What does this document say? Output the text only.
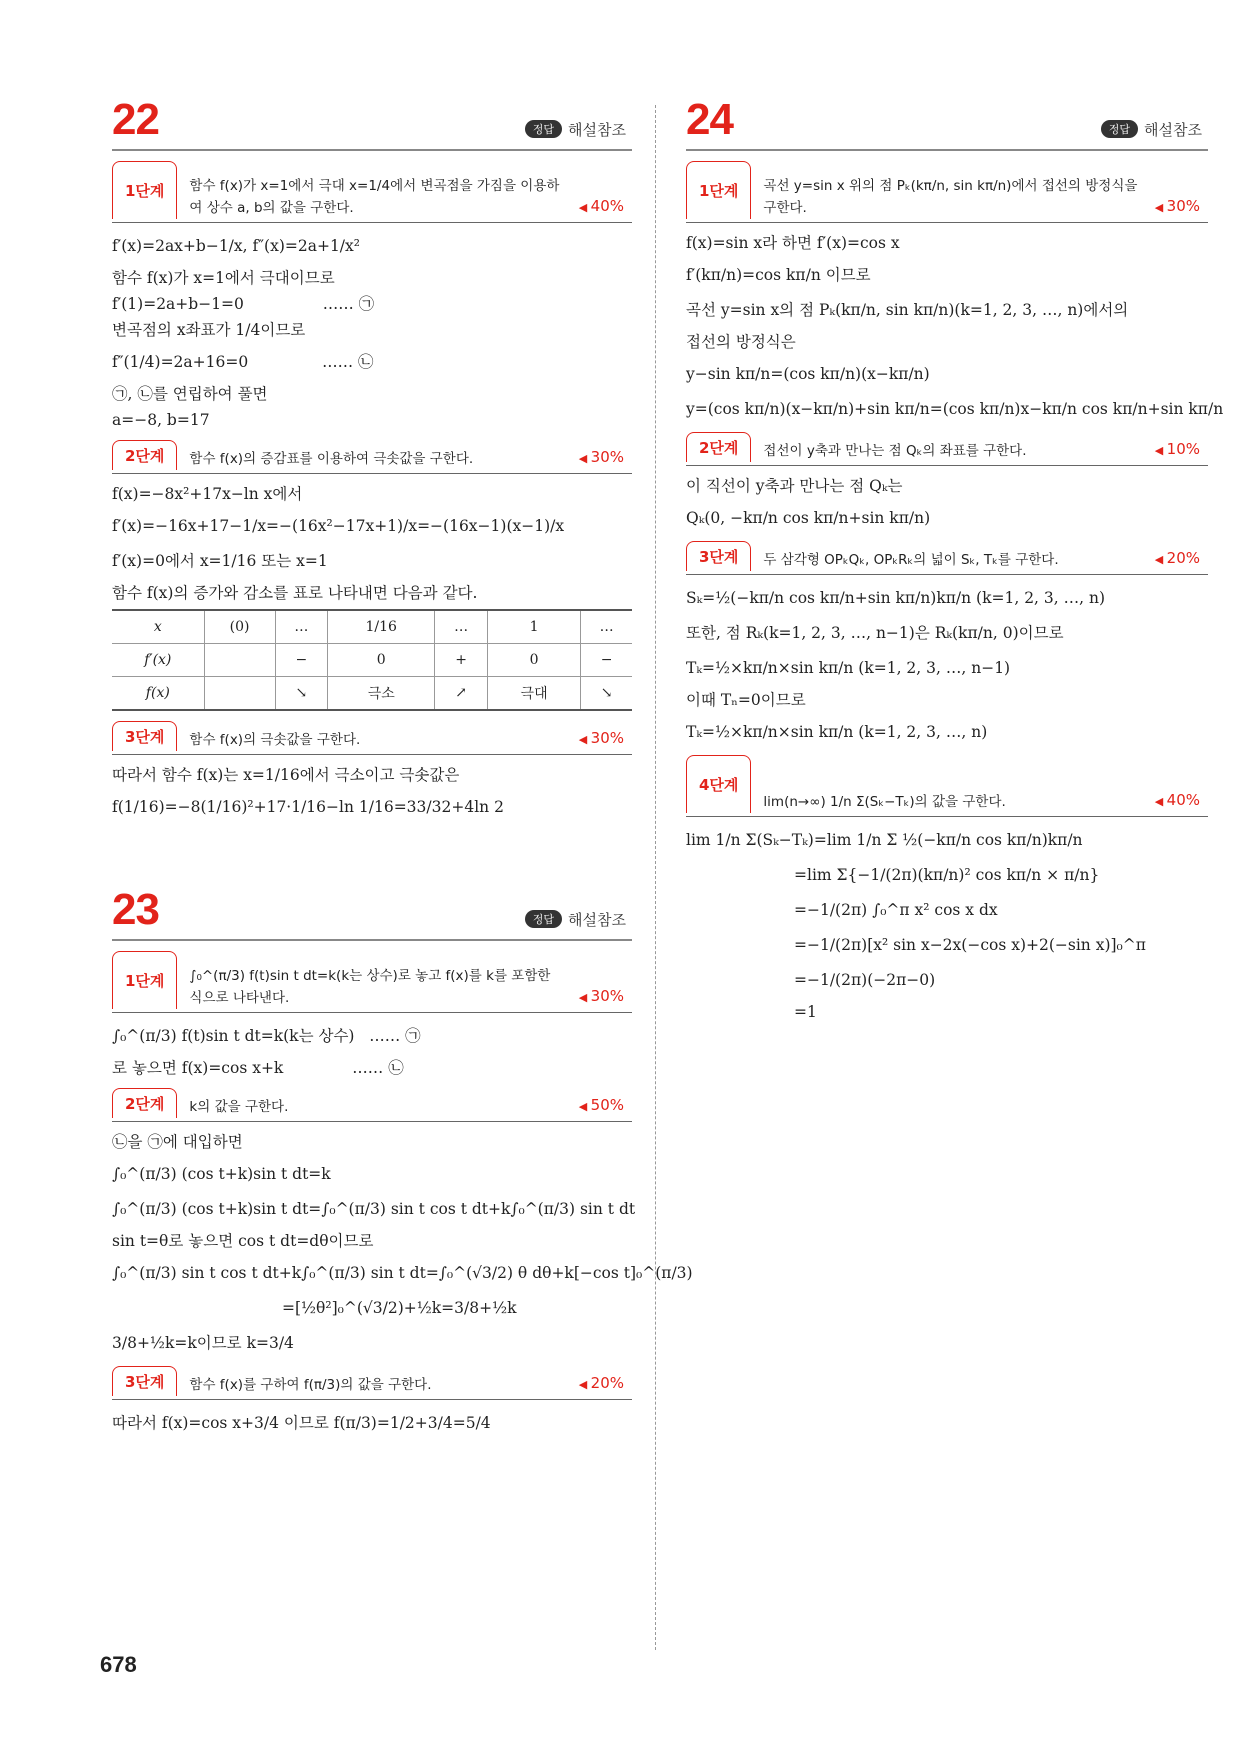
22	정답 해설참조
1단계	함수 f(x)가 x=1에서 극대 x=1/4에서 변곡점을 가짐을 이용하여 상수 a, b의 값을 구한다.	◀ 40%
f′(x)=2ax+b−1/x, f″(x)=2a+1/x²
함수 f(x)가 x=1에서 극대이므로
f′(1)=2a+b−1=0                …… ㉠
변곡점의 x좌표가 1/4이므로
f″(1/4)=2a+16=0               …… ㉡
㉠, ㉡를 연립하여 풀면
a=−8, b=17
2단계	함수 f(x)의 증감표를 이용하여 극솟값을 구한다.	◀ 30%
f(x)=−8x²+17x−ln x에서
f′(x)=−16x+17−1/x=−(16x²−17x+1)/x=−(16x−1)(x−1)/x
f′(x)=0에서 x=1/16 또는 x=1
함수 f(x)의 증가와 감소를 표로 나타내면 다음과 같다.
x	(0)	…	1/16	…	1	…
f′(x)		−	0	+	0	−
f(x)		↘	극소	↗	극대	↘
3단계	함수 f(x)의 극솟값을 구한다.	◀ 30%
따라서 함수 f(x)는 x=1/16에서 극소이고 극솟값은
f(1/16)=−8(1/16)²+17·1/16−ln 1/16=33/32+4ln 2
23	정답 해설참조
1단계	∫₀^(π/3) f(t)sin t dt=k(k는 상수)로 놓고 f(x)를 k를 포함한 식으로 나타낸다.	◀ 30%
∫₀^(π/3) f(t)sin t dt=k(k는 상수)   …… ㉠
로 놓으면 f(x)=cos x+k              …… ㉡
2단계	k의 값을 구한다.	◀ 50%
㉡을 ㉠에 대입하면
∫₀^(π/3) (cos t+k)sin t dt=k
∫₀^(π/3) (cos t+k)sin t dt=∫₀^(π/3) sin t cos t dt+k∫₀^(π/3) sin t dt
sin t=θ로 놓으면 cos t dt=dθ이므로
∫₀^(π/3) sin t cos t dt+k∫₀^(π/3) sin t dt=∫₀^(√3/2) θ dθ+k[−cos t]₀^(π/3)
=[½θ²]₀^(√3/2)+½k=3/8+½k
3/8+½k=k이므로 k=3/4
3단계	함수 f(x)를 구하여 f(π/3)의 값을 구한다.	◀ 20%
따라서 f(x)=cos x+3/4 이므로 f(π/3)=1/2+3/4=5/4
24	정답 해설참조
1단계	곡선 y=sin x 위의 점 Pₖ(kπ/n, sin kπ/n)에서 접선의 방정식을 구한다.	◀ 30%
f(x)=sin x라 하면 f′(x)=cos x
f′(kπ/n)=cos kπ/n 이므로
곡선 y=sin x의 점 Pₖ(kπ/n, sin kπ/n)(k=1, 2, 3, …, n)에서의
접선의 방정식은
y−sin kπ/n=(cos kπ/n)(x−kπ/n)
y=(cos kπ/n)(x−kπ/n)+sin kπ/n=(cos kπ/n)x−kπ/n cos kπ/n+sin kπ/n
2단계	접선이 y축과 만나는 점 Qₖ의 좌표를 구한다.	◀ 10%
이 직선이 y축과 만나는 점 Qₖ는
Qₖ(0, −kπ/n cos kπ/n+sin kπ/n)
3단계	두 삼각형 OPₖQₖ, OPₖRₖ의 넓이 Sₖ, Tₖ를 구한다.	◀ 20%
Sₖ=½(−kπ/n cos kπ/n+sin kπ/n)kπ/n (k=1, 2, 3, …, n)
또한, 점 Rₖ(k=1, 2, 3, …, n−1)은 Rₖ(kπ/n, 0)이므로
Tₖ=½×kπ/n×sin kπ/n (k=1, 2, 3, …, n−1)
이때 Tₙ=0이므로
Tₖ=½×kπ/n×sin kπ/n (k=1, 2, 3, …, n)
4단계
lim(n→∞) 1/n Σ(Sₖ−Tₖ)의 값을 구한다.	◀ 40%
lim 1/n Σ(Sₖ−Tₖ)=lim 1/n Σ ½(−kπ/n cos kπ/n)kπ/n
=lim Σ{−1/(2π)(kπ/n)² cos kπ/n × π/n}
=−1/(2π) ∫₀^π x² cos x dx
=−1/(2π)[x² sin x−2x(−cos x)+2(−sin x)]₀^π
=−1/(2π)(−2π−0)
=1
678
